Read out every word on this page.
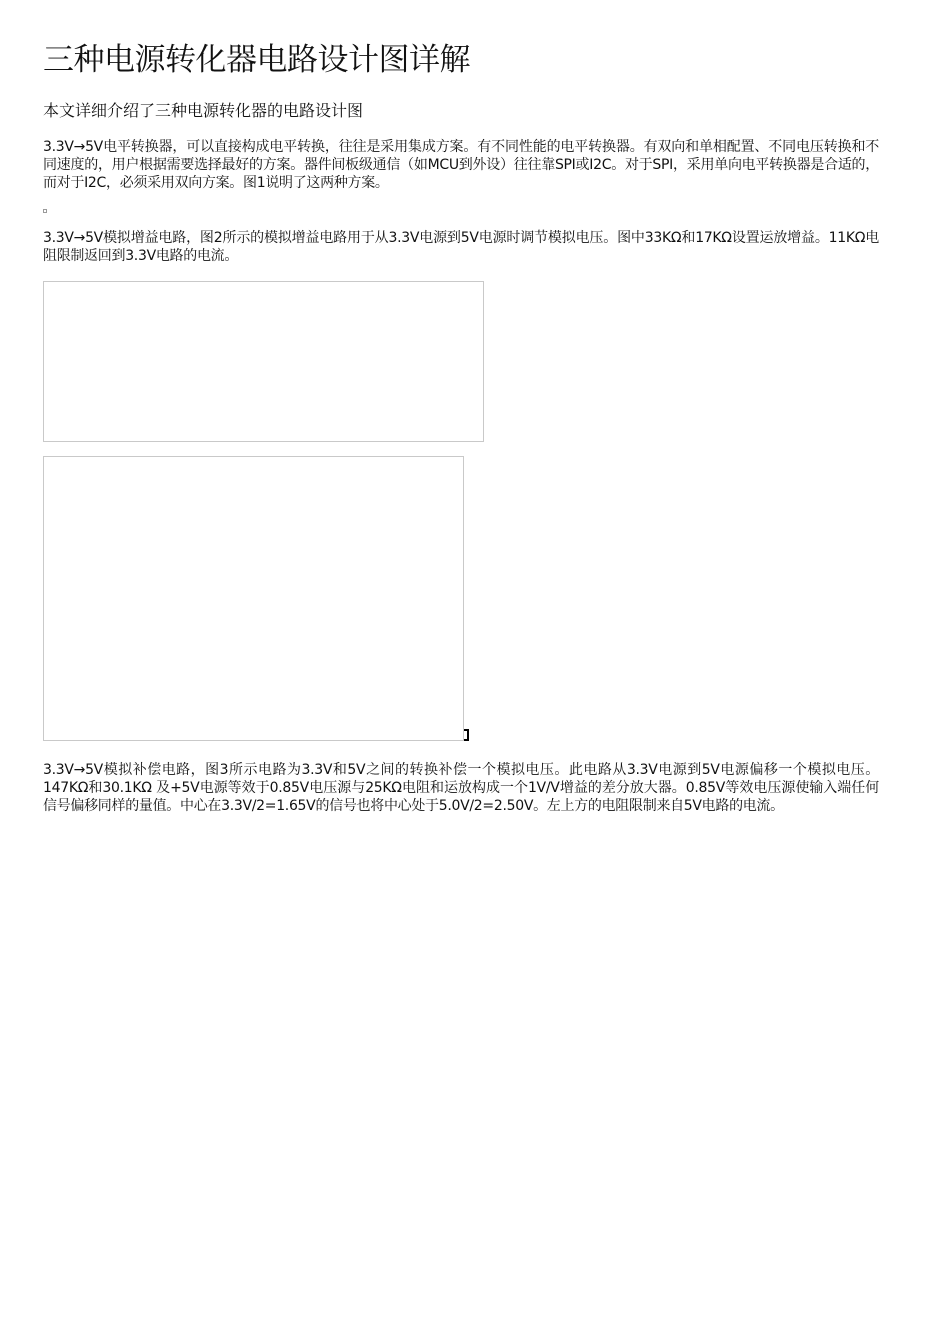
三种电源转化器电路设计图详解

本文详细介绍了三种电源转化器的电路设计图

3.3V→5V电平转换器，可以直接构成电平转换，往往是采用集成方案。有不同性能的电平转换器。有双向和单相配置、不同电压转换和不同速度的，用户根据需要选择最好的方案。器件间板级通信（如MCU到外设）往往靠SPI或I2C。对于SPI，采用单向电平转换器是合适的，而对于I2C，必须采用双向方案。图1说明了这两种方案。

3.3V→5V模拟增益电路，图2所示的模拟增益电路用于从3.3V电源到5V电源时调节模拟电压。图中33KΩ和17KΩ设置运放增益。11KΩ电阻限制返回到3.3V电路的电流。

3.3V→5V模拟补偿电路，图3所示电路为3.3V和5V之间的转换补偿一个模拟电压。此电路从3.3V电源到5V电源偏移一个模拟电压。147KΩ和30.1KΩ 及+5V电源等效于0.85V电压源与25KΩ电阻和运放构成一个1V/V增益的差分放大器。0.85V等效电压源使输入端任何信号偏移同样的量值。中心在3.3V/2=1.65V的信号也将中心处于5.0V/2=2.50V。左上方的电阻限制来自5V电路的电流。
